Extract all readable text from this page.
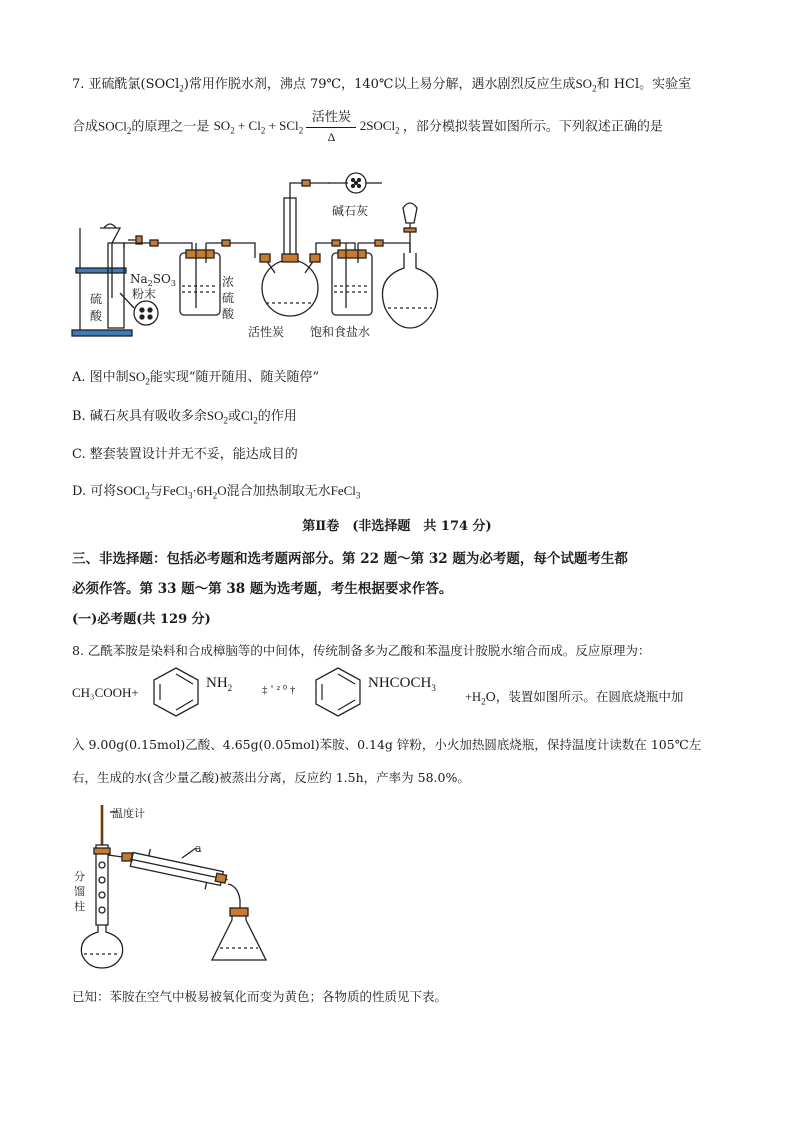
7. 亚硫酰氯(SOCl$_2$)常用作脱水剂，沸点 79℃，140℃以上易分解，遇水剧烈反应生成$SO_2$和 HCl。实验室
合成SOCl$_2$的原理之一是 $SO_2 + Cl_2 + SCl_2 \frac{\text{活性炭}}{\Delta}$ 2SOCl$_2$ ，部分模拟装置如图所示。下列叙述正确的是
碱石灰
$Na_2SO_3$
粉末
硫
酸
浓
硫
酸
活性炭 饱和食盐水
A. 图中制$SO_2$能实现“随开随用、随关随停”
B. 碱石灰具有吸收多余$SO_2$或$Cl_2$的作用
C. 整套装置设计并无不妥，能达成目的
D. 可将SOCl$_2$与$FeCl_3\cdot 6H_2O$混合加热制取无水FeCl$_3$
第Ⅱ卷　(非选择题　共 174 分)
三、非选择题：包括必考题和选考题两部分。第 22 题～第 32 题为必考题，每个试题考生都
必须作答。第 33 题～第 38 题为选考题，考生根据要求作答。
(一)必考题(共 129 分)
8. 乙酰苯胺是染料和合成樟脑等的中间体，传统制备多为乙酸和苯温度计胺脱水缩合而成。反应原理为：
CH₃COOH+
$NH_2$	‡ ˚ ² ⁰ †	$NHCOCH_3$
$+H_2O$，装置如图所示。在圆底烧瓶中加
入 9.00g(0.15mol)乙酸、4.65g(0.05mol)苯胺、0.14g 锌粉，小火加热圆底烧瓶，保持温度计读数在 105℃左
右，生成的水(含少量乙酸)被蒸出分离，反应约 1.5h，产率为 58.0%。
温度计
a
分
馏
柱
已知：苯胺在空气中极易被氧化而变为黄色；各物质的性质见下表。
